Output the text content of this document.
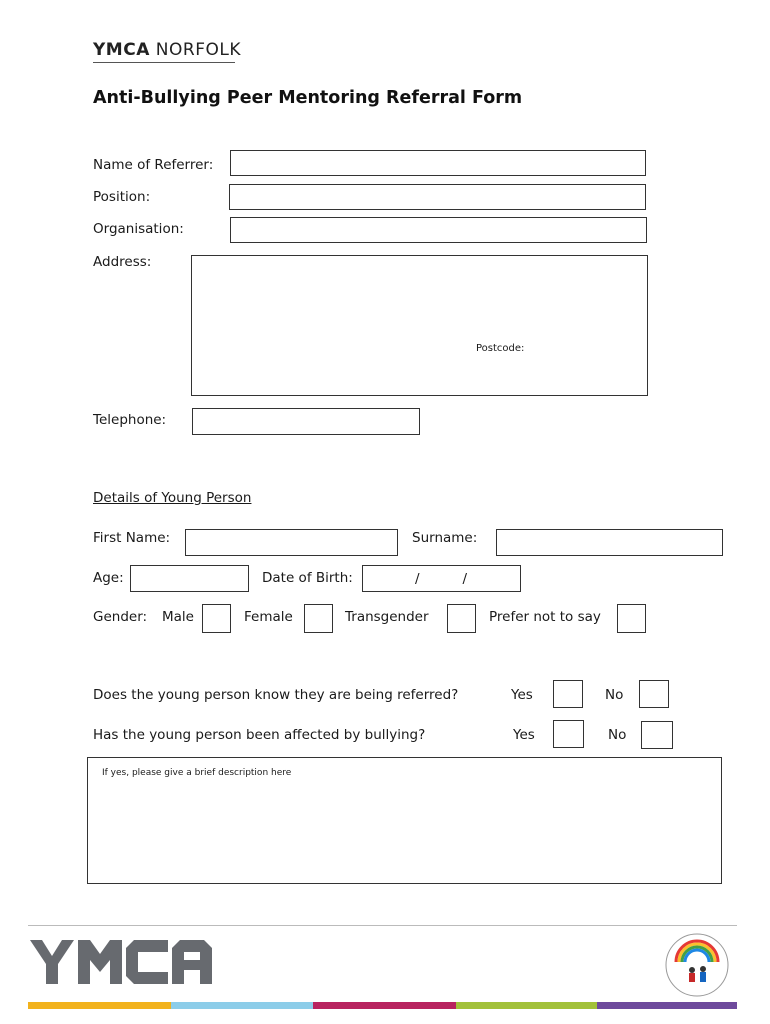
YMCA NORFOLK
Anti-Bullying Peer Mentoring Referral Form
Name of Referrer:
Position:
Organisation:
Address:
Postcode:
Telephone:
Details of Young Person
First Name:	Surname:
Age:	Date of Birth:	/          /
Gender: Male	Female	Transgender	Prefer not to say
Does the young person know they are being referred?	Yes	No
Has the young person been affected by bullying?	Yes	No
If yes, please give a brief description here
